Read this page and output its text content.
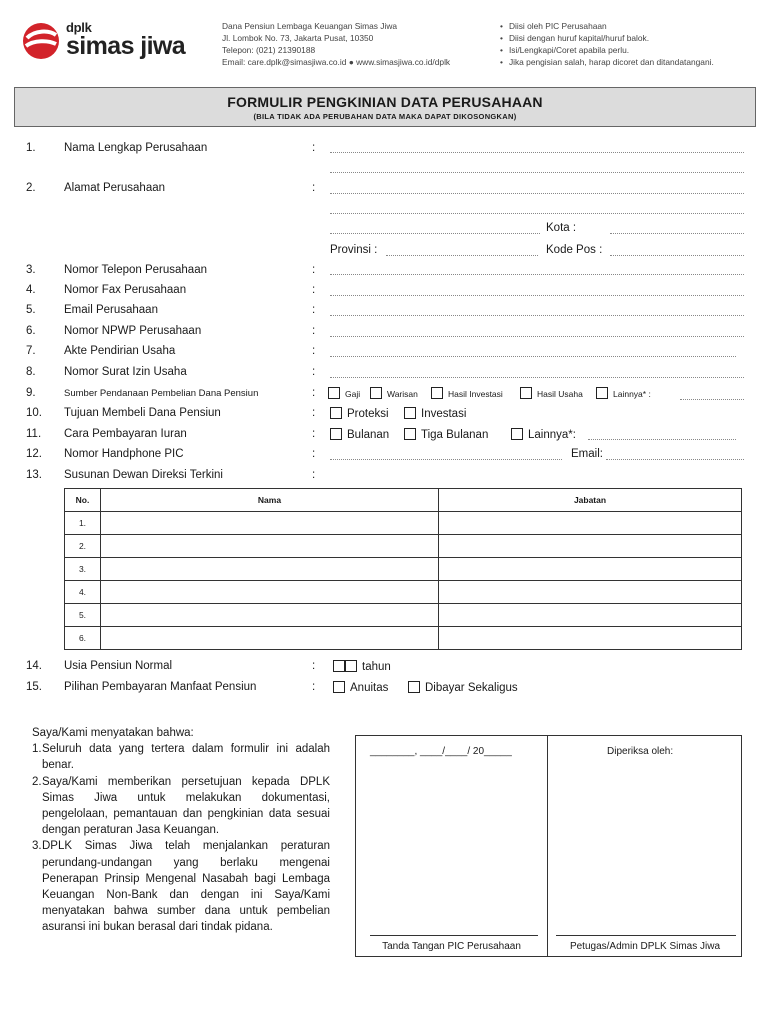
dplk
simas jiwa
Dana Pensiun Lembaga Keuangan Simas Jiwa
Jl. Lombok No. 73, Jakarta Pusat, 10350
Telepon: (021) 21390188
Email: care.dplk@simasjiwa.co.id ● www.simasjiwa.co.id/dplk
• Diisi oleh PIC Perusahaan
• Diisi dengan huruf kapital/huruf balok.
• Isi/Lengkapi/Coret apabila perlu.
• Jika pengisian salah, harap dicoret dan ditandatangani.
FORMULIR PENGKINIAN DATA PERUSAHAAN
(BILA TIDAK ADA PERUBAHAN DATA MAKA DAPAT DIKOSONGKAN)
1. Nama Lengkap Perusahaan	:
2. Alamat Perusahaan	:
Kota :
Provinsi :	Kode Pos :
3. Nomor Telepon Perusahaan	:
4. Nomor Fax Perusahaan	:
5. Email Perusahaan	:
6. Nomor NPWP Perusahaan	:
7. Akte Pendirian Usaha	:
8. Nomor Surat Izin Usaha	:
9.	Sumber Pendanaan Pembelian Dana Pensiun	:	Gaji	Warisan	Hasil Investasi	Hasil Usaha	Lainnya* :
10. Tujuan Membeli Dana Pensiun	:	Proteksi	Investasi
11. Cara Pembayaran Iuran	:	Bulanan	Tiga Bulanan	Lainnya*:
12. Nomor Handphone PIC	:	Email:
13. Susunan Dewan Direksi Terkini	:
No.	Nama	Jabatan
1.		
2.		
3.		
4.		
5.		
6.		
14. Usia Pensiun Normal	:	tahun
15. Pilihan Pembayaran Manfaat Pensiun	:	Anuitas	Dibayar Sekaligus
Saya/Kami menyatakan bahwa:
1. Seluruh data yang tertera dalam formulir ini adalah benar.
2. Saya/Kami memberikan persetujuan kepada DPLK Simas Jiwa untuk melakukan dokumentasi, pengelolaan, pemantauan dan pengkinian data sesuai dengan peraturan Jasa Keuangan.
3. DPLK Simas Jiwa telah menjalankan peraturan perundang-undangan yang berlaku mengenai Penerapan Prinsip Mengenal Nasabah bagi Lembaga Keuangan Non-Bank dan dengan ini Saya/Kami menyatakan bahwa sumber dana untuk pembelian asuransi ini bukan berasal dari tindak pidana.
________, ____/____/ 20_____	Diperiksa oleh:
Tanda Tangan PIC Perusahaan	Petugas/Admin DPLK Simas Jiwa
